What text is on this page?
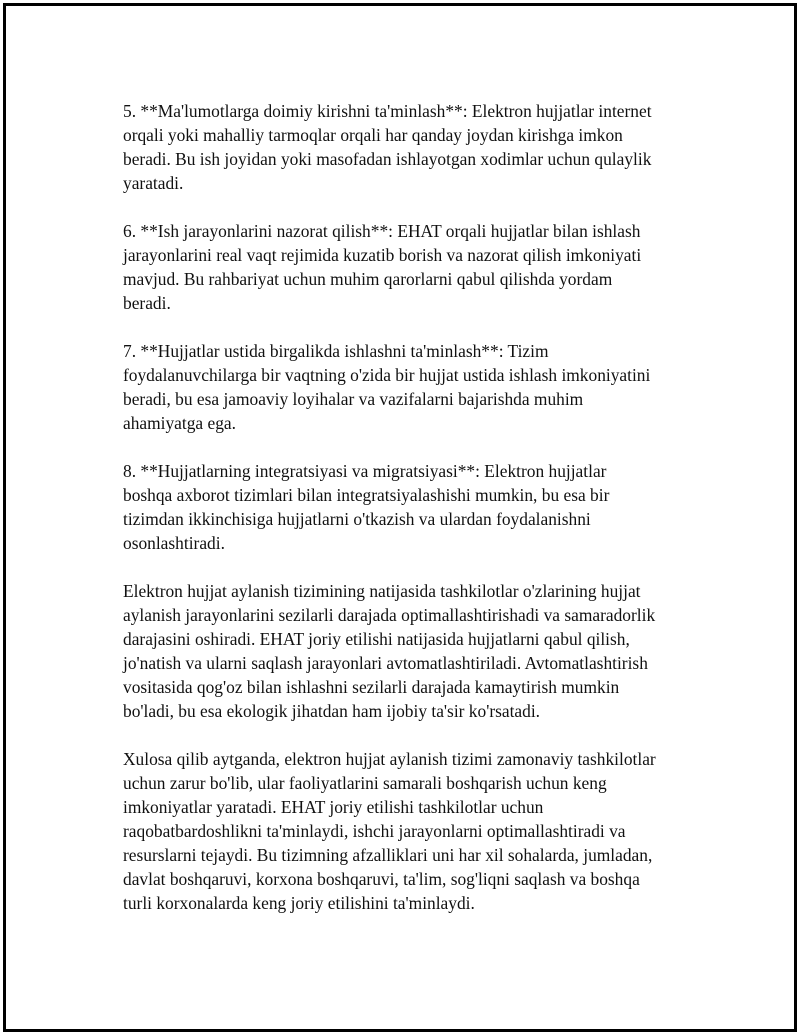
5. **Ma'lumotlarga doimiy kirishni ta'minlash**: Elektron hujjatlar internet
orqali yoki mahalliy tarmoqlar orqali har qanday joydan kirishga imkon
beradi. Bu ish joyidan yoki masofadan ishlayotgan xodimlar uchun qulaylik
yaratadi.

6. **Ish jarayonlarini nazorat qilish**: EHAT orqali hujjatlar bilan ishlash
jarayonlarini real vaqt rejimida kuzatib borish va nazorat qilish imkoniyati
mavjud. Bu rahbariyat uchun muhim qarorlarni qabul qilishda yordam
beradi.

7. **Hujjatlar ustida birgalikda ishlashni ta'minlash**: Tizim
foydalanuvchilarga bir vaqtning o'zida bir hujjat ustida ishlash imkoniyatini
beradi, bu esa jamoaviy loyihalar va vazifalarni bajarishda muhim
ahamiyatga ega.

8. **Hujjatlarning integratsiyasi va migratsiyasi**: Elektron hujjatlar
boshqa axborot tizimlari bilan integratsiyalashishi mumkin, bu esa bir
tizimdan ikkinchisiga hujjatlarni o'tkazish va ulardan foydalanishni
osonlashtiradi.

Elektron hujjat aylanish tizimining natijasida tashkilotlar o'zlarining hujjat
aylanish jarayonlarini sezilarli darajada optimallashtirishadi va samaradorlik
darajasini oshiradi. EHAT joriy etilishi natijasida hujjatlarni qabul qilish,
jo'natish va ularni saqlash jarayonlari avtomatlashtiriladi. Avtomatlashtirish
vositasida qog'oz bilan ishlashni sezilarli darajada kamaytirish mumkin
bo'ladi, bu esa ekologik jihatdan ham ijobiy ta'sir ko'rsatadi.

Xulosa qilib aytganda, elektron hujjat aylanish tizimi zamonaviy tashkilotlar
uchun zarur bo'lib, ular faoliyatlarini samarali boshqarish uchun keng
imkoniyatlar yaratadi. EHAT joriy etilishi tashkilotlar uchun
raqobatbardoshlikni ta'minlaydi, ishchi jarayonlarni optimallashtiradi va
resurslarni tejaydi. Bu tizimning afzalliklari uni har xil sohalarda, jumladan,
davlat boshqaruvi, korxona boshqaruvi, ta'lim, sog'liqni saqlash va boshqa
turli korxonalarda keng joriy etilishini ta'minlaydi.
